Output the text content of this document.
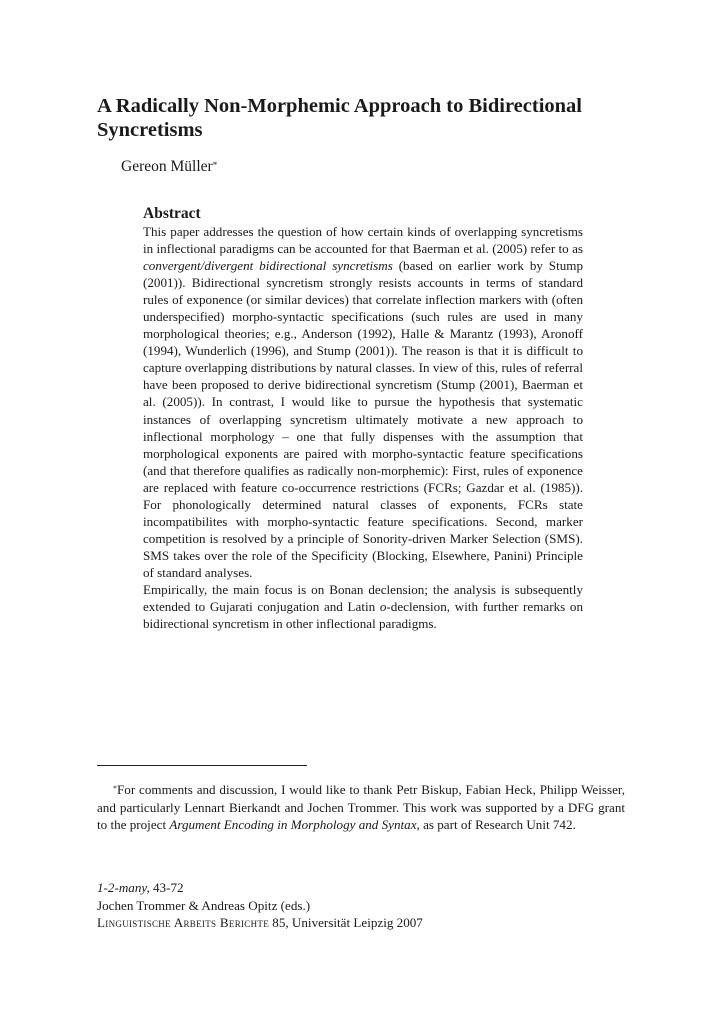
A Radically Non-Morphemic Approach to Bidirectional Syncretisms
Gereon Müller*
Abstract

This paper addresses the question of how certain kinds of overlapping syncretisms in inflectional paradigms can be accounted for that Baerman et al. (2005) refer to as convergent/divergent bidirectional syncretisms (based on earlier work by Stump (2001)). Bidirectional syncretism strongly resists accounts in terms of standard rules of exponence (or similar devices) that correlate inflection markers with (often underspecified) morpho-syntactic specifications (such rules are used in many morphological theories; e.g., Anderson (1992), Halle & Marantz (1993), Aronoff (1994), Wunderlich (1996), and Stump (2001)). The reason is that it is difficult to capture overlapping distributions by natural classes. In view of this, rules of referral have been proposed to derive bidirectional syncretism (Stump (2001), Baerman et al. (2005)). In contrast, I would like to pursue the hypothesis that systematic instances of overlapping syncretism ultimately motivate a new approach to inflectional morphology – one that fully dispenses with the assumption that morphological exponents are paired with morpho-syntactic feature specifications (and that therefore qualifies as radically non-morphemic): First, rules of exponence are replaced with feature co-occurrence restrictions (FCRs; Gazdar et al. (1985)). For phonologically determined natural classes of exponents, FCRs state incompatibilites with morpho-syntactic feature specifications. Second, marker competition is resolved by a principle of Sonority-driven Marker Selection (SMS). SMS takes over the role of the Specificity (Blocking, Elsewhere, Panini) Principle of standard analyses.

Empirically, the main focus is on Bonan declension; the analysis is subsequently extended to Gujarati conjugation and Latin o-declension, with further remarks on bidirectional syncretism in other inflectional paradigms.

*For comments and discussion, I would like to thank Petr Biskup, Fabian Heck, Philipp Weisser, and particularly Lennart Bierkandt and Jochen Trommer. This work was supported by a DFG grant to the project Argument Encoding in Morphology and Syntax, as part of Research Unit 742.
1-2-many, 43-72
Jochen Trommer & Andreas Opitz (eds.)
Linguistische Arbeits Berichte 85, Universität Leipzig 2007
